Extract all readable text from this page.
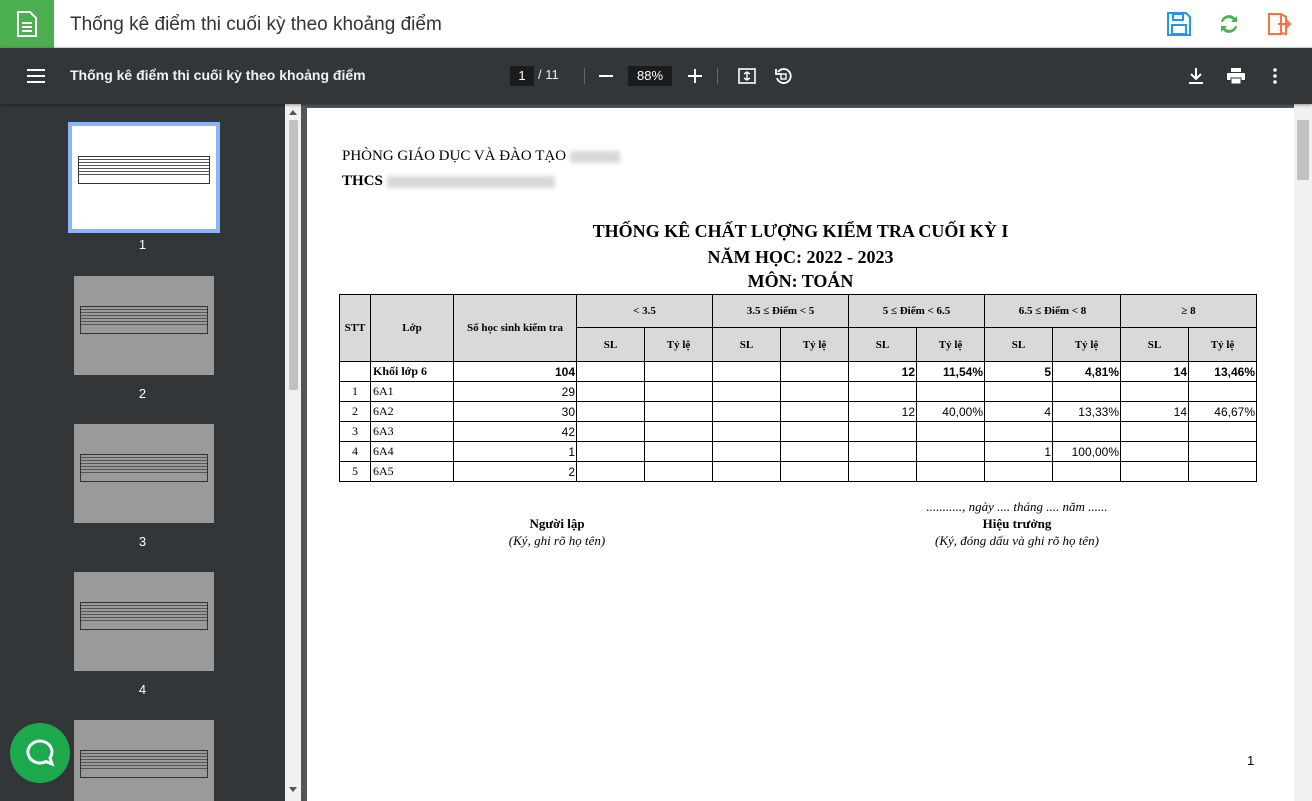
Thống kê điểm thi cuối kỳ theo khoảng điểm
Thống kê điểm thi cuối kỳ theo khoảng điểm	1 / 11	88%
1
2
3
4
PHÒNG GIÁO DỤC VÀ ĐÀO TẠO
THCS
THỐNG KÊ CHẤT LƯỢNG KIỂM TRA CUỐI KỲ I
NĂM HỌC: 2022 - 2023
MÔN: TOÁN
STT	Lớp	Số học sinh kiểm tra	< 3.5		3.5 ≤ Điểm < 5		5 ≤ Điểm < 6.5		6.5 ≤ Điểm < 8		≥ 8	
			SL	Tỷ lệ	SL	Tỷ lệ	SL	Tỷ lệ	SL	Tỷ lệ	SL	Tỷ lệ
	Khối lớp 6	104					12	11,54%	5	4,81%	14	13,46%
1	6A1	29										
2	6A2	30					12	40,00%	4	13,33%	14	46,67%
3	6A3	42										
4	6A4	1							1	100,00%		
5	6A5	2										
..........., ngày .... tháng .... năm ......
Người lập
(Ký, ghi rõ họ tên)
Hiệu trưởng
(Ký, đóng dấu và ghi rõ họ tên)
1
